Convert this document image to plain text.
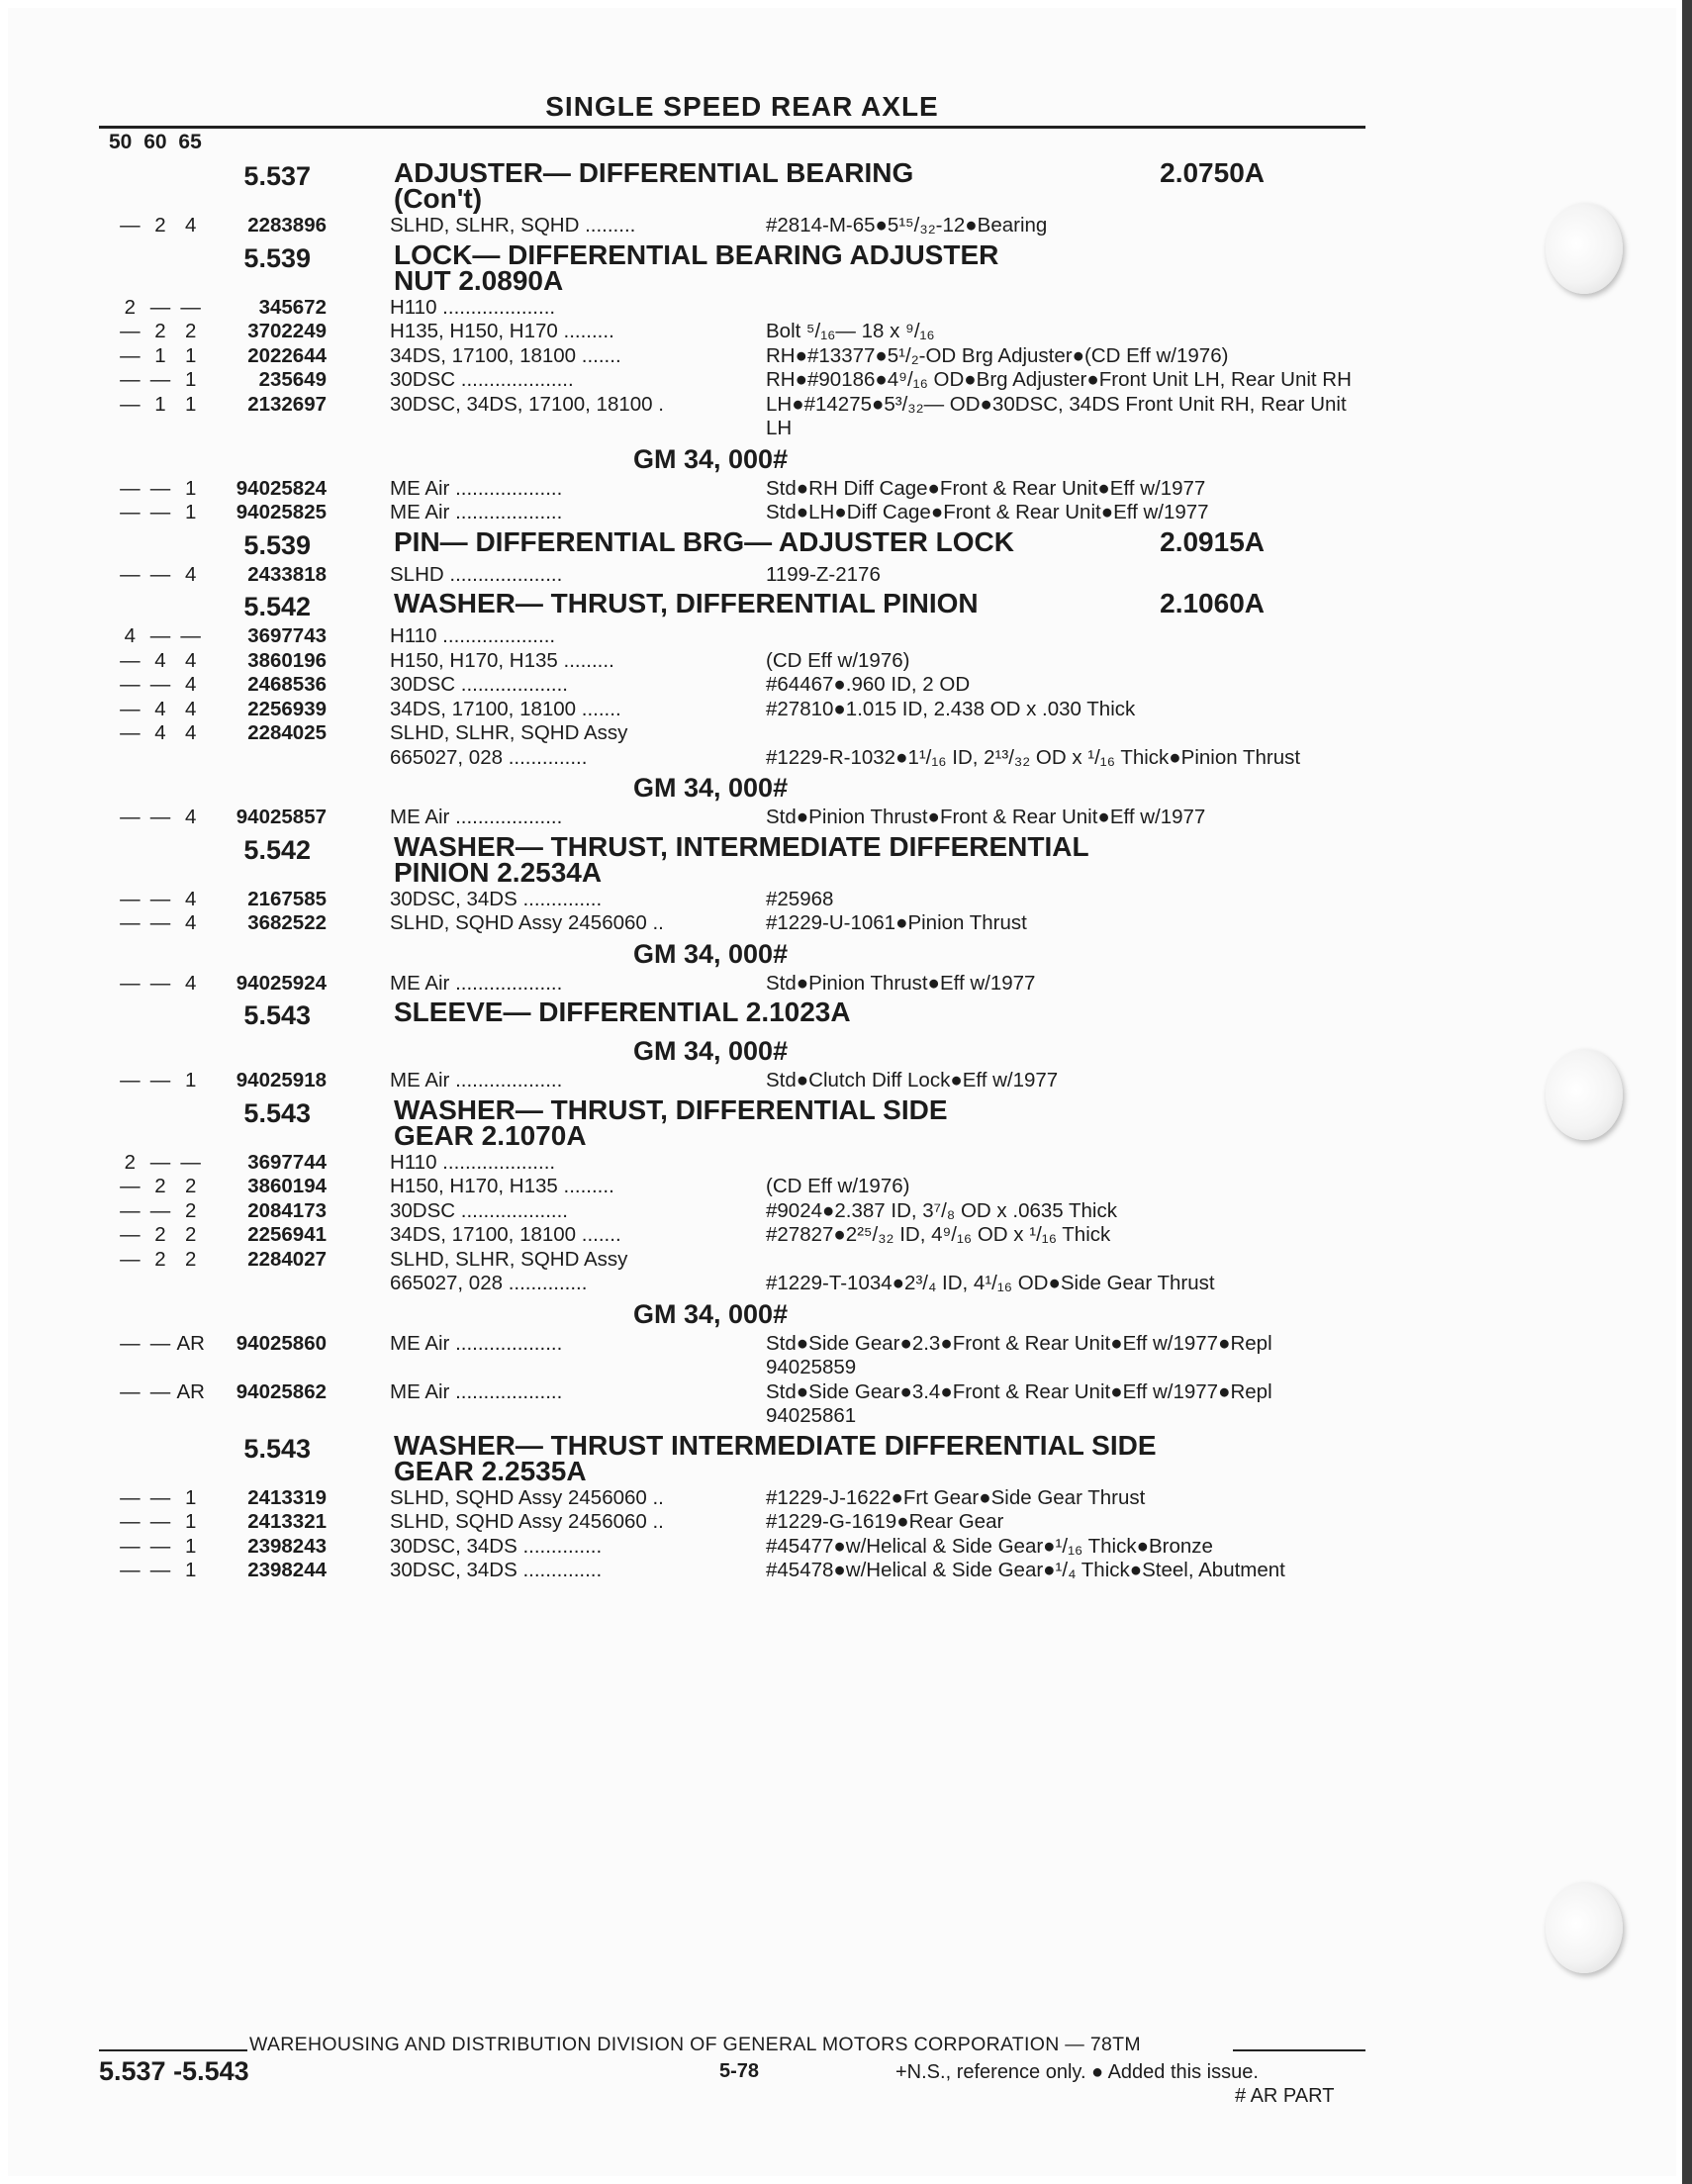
SINGLE SPEED REAR AXLE
50 60 65
5.537	2.0750A
ADJUSTER— DIFFERENTIAL BEARING
(Con't)
— 2 4	2283896	SLHD, SLHR, SQHD .........	#2814-M-65●5¹⁵/₃₂-12●Bearing
5.539	LOCK— DIFFERENTIAL BEARING ADJUSTER
NUT 2.0890A
2 — —	345672	H110 ....................
— 2 2	3702249	H135, H150, H170 .........	Bolt ⁵/₁₆— 18 x ⁹/₁₆
— 1 1	2022644	34DS, 17100, 18100 .......	RH●#13377●5¹/₂-OD Brg Adjuster●(CD Eff w/1976)
— — 1	235649	30DSC ....................	RH●#90186●4⁹/₁₆ OD●Brg Adjuster●Front Unit LH, Rear Unit RH
— 1 1	2132697	30DSC, 34DS, 17100, 18100 .	LH●#14275●5³/₃₂— OD●30DSC, 34DS Front Unit RH, Rear Unit LH
GM 34, 000#
— — 1	94025824	ME Air ...................	Std●RH Diff Cage●Front & Rear Unit●Eff w/1977
— — 1	94025825	ME Air ...................	Std●LH●Diff Cage●Front & Rear Unit●Eff w/1977
5.539	2.0915A
PIN— DIFFERENTIAL BRG— ADJUSTER LOCK
— — 4	2433818	SLHD ....................	1199-Z-2176
5.542	2.1060A
WASHER— THRUST, DIFFERENTIAL PINION
4 — —	3697743	H110 ....................
— 4 4	3860196	H150, H170, H135 .........	(CD Eff w/1976)
— — 4	2468536	30DSC ...................	#64467●.960 ID, 2 OD
— 4 4	2256939	34DS, 17100, 18100 .......	#27810●1.015 ID, 2.438 OD x .030 Thick
— 4 4	2284025	SLHD, SLHR, SQHD Assy
665027, 028 ..............	#1229-R-1032●1¹/₁₆ ID, 2¹³/₃₂ OD x ¹/₁₆ Thick●Pinion Thrust
GM 34, 000#
— — 4	94025857	ME Air ...................	Std●Pinion Thrust●Front & Rear Unit●Eff w/1977
5.542	WASHER— THRUST, INTERMEDIATE DIFFERENTIAL
PINION 2.2534A
— — 4	2167585	30DSC, 34DS ..............	#25968
— — 4	3682522	SLHD, SQHD Assy 2456060 ..	#1229-U-1061●Pinion Thrust
GM 34, 000#
— — 4	94025924	ME Air ...................	Std●Pinion Thrust●Eff w/1977
5.543	SLEEVE— DIFFERENTIAL 2.1023A
GM 34, 000#
— — 1	94025918	ME Air ...................	Std●Clutch Diff Lock●Eff w/1977
5.543	WASHER— THRUST, DIFFERENTIAL SIDE
GEAR 2.1070A
2 — —	3697744	H110 ....................
— 2 2	3860194	H150, H170, H135 .........	(CD Eff w/1976)
— — 2	2084173	30DSC ...................	#9024●2.387 ID, 3⁷/₈ OD x .0635 Thick
— 2 2	2256941	34DS, 17100, 18100 .......	#27827●2²⁵/₃₂ ID, 4⁹/₁₆ OD x ¹/₁₆ Thick
— 2 2	2284027	SLHD, SLHR, SQHD Assy
665027, 028 ..............	#1229-T-1034●2³/₄ ID, 4¹/₁₆ OD●Side Gear Thrust
GM 34, 000#
— — AR	94025860	ME Air ...................	Std●Side Gear●2.3●Front & Rear Unit●Eff w/1977●Repl 94025859
— — AR	94025862	ME Air ...................	Std●Side Gear●3.4●Front & Rear Unit●Eff w/1977●Repl 94025861
5.543	WASHER— THRUST INTERMEDIATE DIFFERENTIAL SIDE
GEAR 2.2535A
— — 1	2413319	SLHD, SQHD Assy 2456060 ..	#1229-J-1622●Frt Gear●Side Gear Thrust
— — 1	2413321	SLHD, SQHD Assy 2456060 ..	#1229-G-1619●Rear Gear
— — 1	2398243	30DSC, 34DS ..............	#45477●w/Helical & Side Gear●¹/₁₆ Thick●Bronze
— — 1	2398244	30DSC, 34DS ..............	#45478●w/Helical & Side Gear●¹/₄ Thick●Steel, Abutment
WAREHOUSING AND DISTRIBUTION DIVISION OF GENERAL MOTORS CORPORATION — 78TM
5.537 -5.543	5-78	+N.S., reference only. ● Added this issue.
# AR PART
